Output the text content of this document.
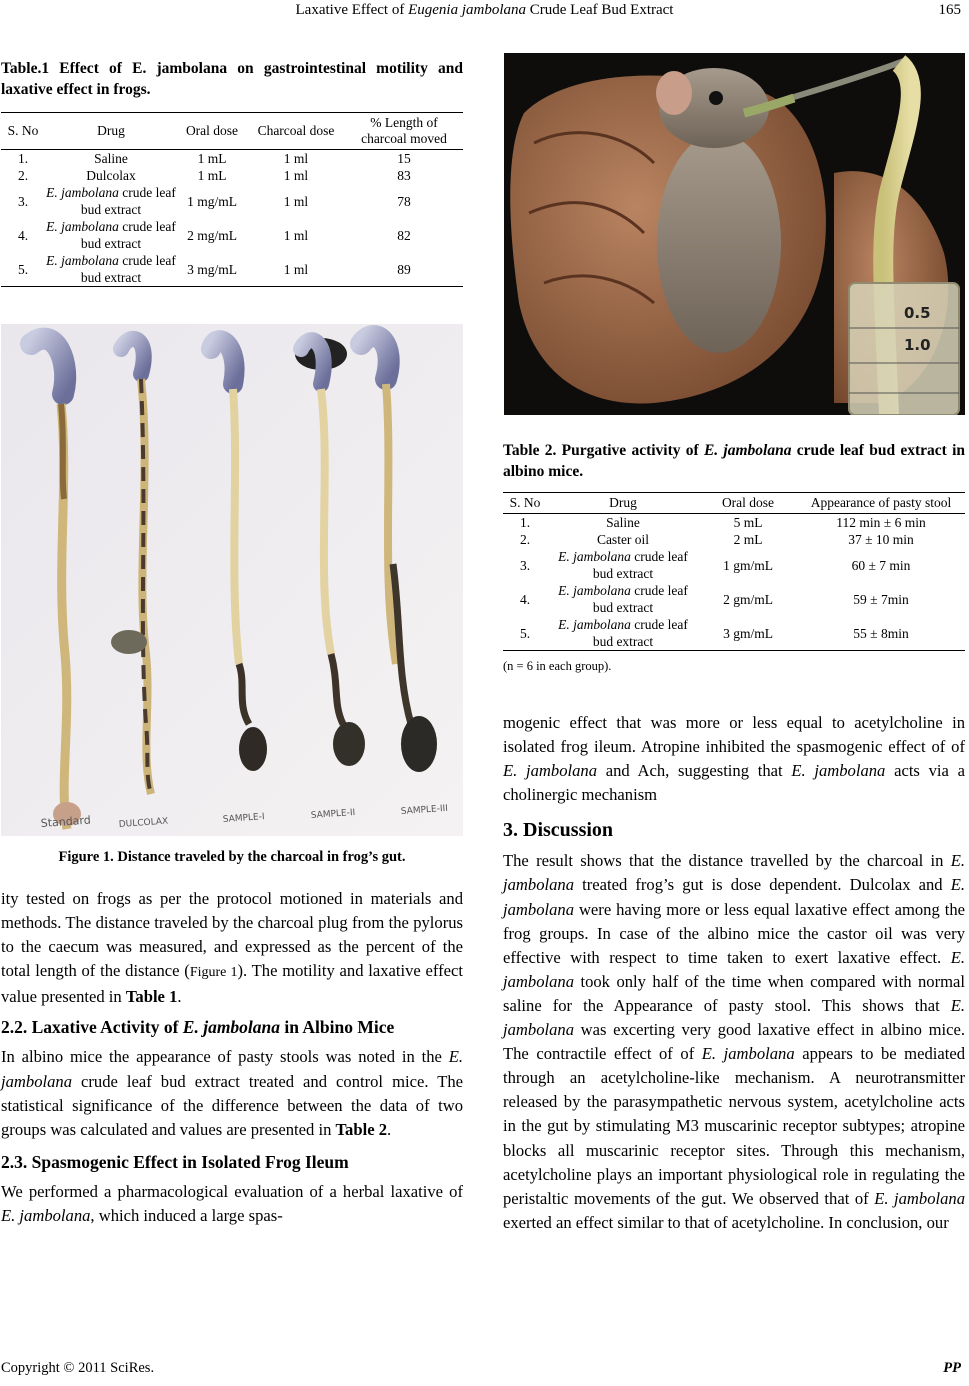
Laxative Effect of Eugenia jambolana Crude Leaf Bud Extract	165
Table.1 Effect of E. jambolana on gastrointestinal motility and laxative effect in frogs.
S. No	Drug	Oral dose	Charcoal dose	% Length of charcoal moved
1.	Saline	1 mL	1 ml	15
2.	Dulcolax	1 mL	1 ml	83
3.	E. jambolana crude leaf bud extract	1 mg/mL	1 ml	78
4.	E. jambolana crude leaf bud extract	2 mg/mL	1 ml	82
5.	E. jambolana crude leaf bud extract	3 mg/mL	1 ml	89
Standard	DULCOLAX	SAMPLE-I	SAMPLE-II	SAMPLE-III
Figure 1. Distance traveled by the charcoal in frog’s gut.

ity tested on frogs as per the protocol motioned in materials and methods. The distance traveled by the charcoal plug from the pylorus to the caecum was measured, and expressed as the percent of the total length of the distance (Figure 1). The motility and laxative effect value presented in Table 1.

2.2. Laxative Activity of E. jambolana in Albino Mice

In albino mice the appearance of pasty stools was noted in the E. jambolana crude leaf bud extract treated and control mice. The statistical significance of the difference between the data of two groups was calculated and values are presented in Table 2.

2.3. Spasmogenic Effect in Isolated Frog Ileum

We performed a pharmacological evaluation of a herbal laxative of E. jambolana, which induced a large spas-

0.5
1.0
Table 2. Purgative activity of E. jambolana crude leaf bud extract in albino mice.
S. No	Drug	Oral dose	Appearance of pasty stool
1.	Saline	5 mL	112 min ± 6 min
2.	Caster oil	2 mL	37 ± 10 min
3.	E. jambolana crude leaf bud extract	1 gm/mL	60 ± 7 min
4.	E. jambolana crude leaf bud extract	2 gm/mL	59 ± 7min
5.	E. jambolana crude leaf bud extract	3 gm/mL	55 ± 8min
(n = 6 in each group).

mogenic effect that was more or less equal to acetylcholine in isolated frog ileum. Atropine inhibited the spasmogenic effect of of E. jambolana and Ach, suggesting that E. jambolana acts via a cholinergic mechanism

3. Discussion

The result shows that the distance travelled by the charcoal in E. jambolana treated frog’s gut is dose dependent. Dulcolax and E. jambolana were having more or less equal laxative effect among the frog groups. In case of the albino mice the castor oil was very effective with respect to time taken to exert laxative effect. E. jambolana took only half of the time when compared with normal saline for the Appearance of pasty stool. This shows that E. jambolana was excerting very good laxative effect in albino mice. The contractile effect of of E. jambolana appears to be mediated through an acetylcholine-like mechanism. A neurotransmitter released by the parasympathetic nervous system, acetylcholine acts in the gut by stimulating M3 muscarinic receptor subtypes; atropine blocks all muscarinic receptor sites. Through this mechanism, acetylcholine plays an important physiological role in regulating the peristaltic movements of the gut. We observed that of E. jambolana exerted an effect similar to that of acetylcholine. In conclusion, our

Copyright © 2011 SciRes.	PP
